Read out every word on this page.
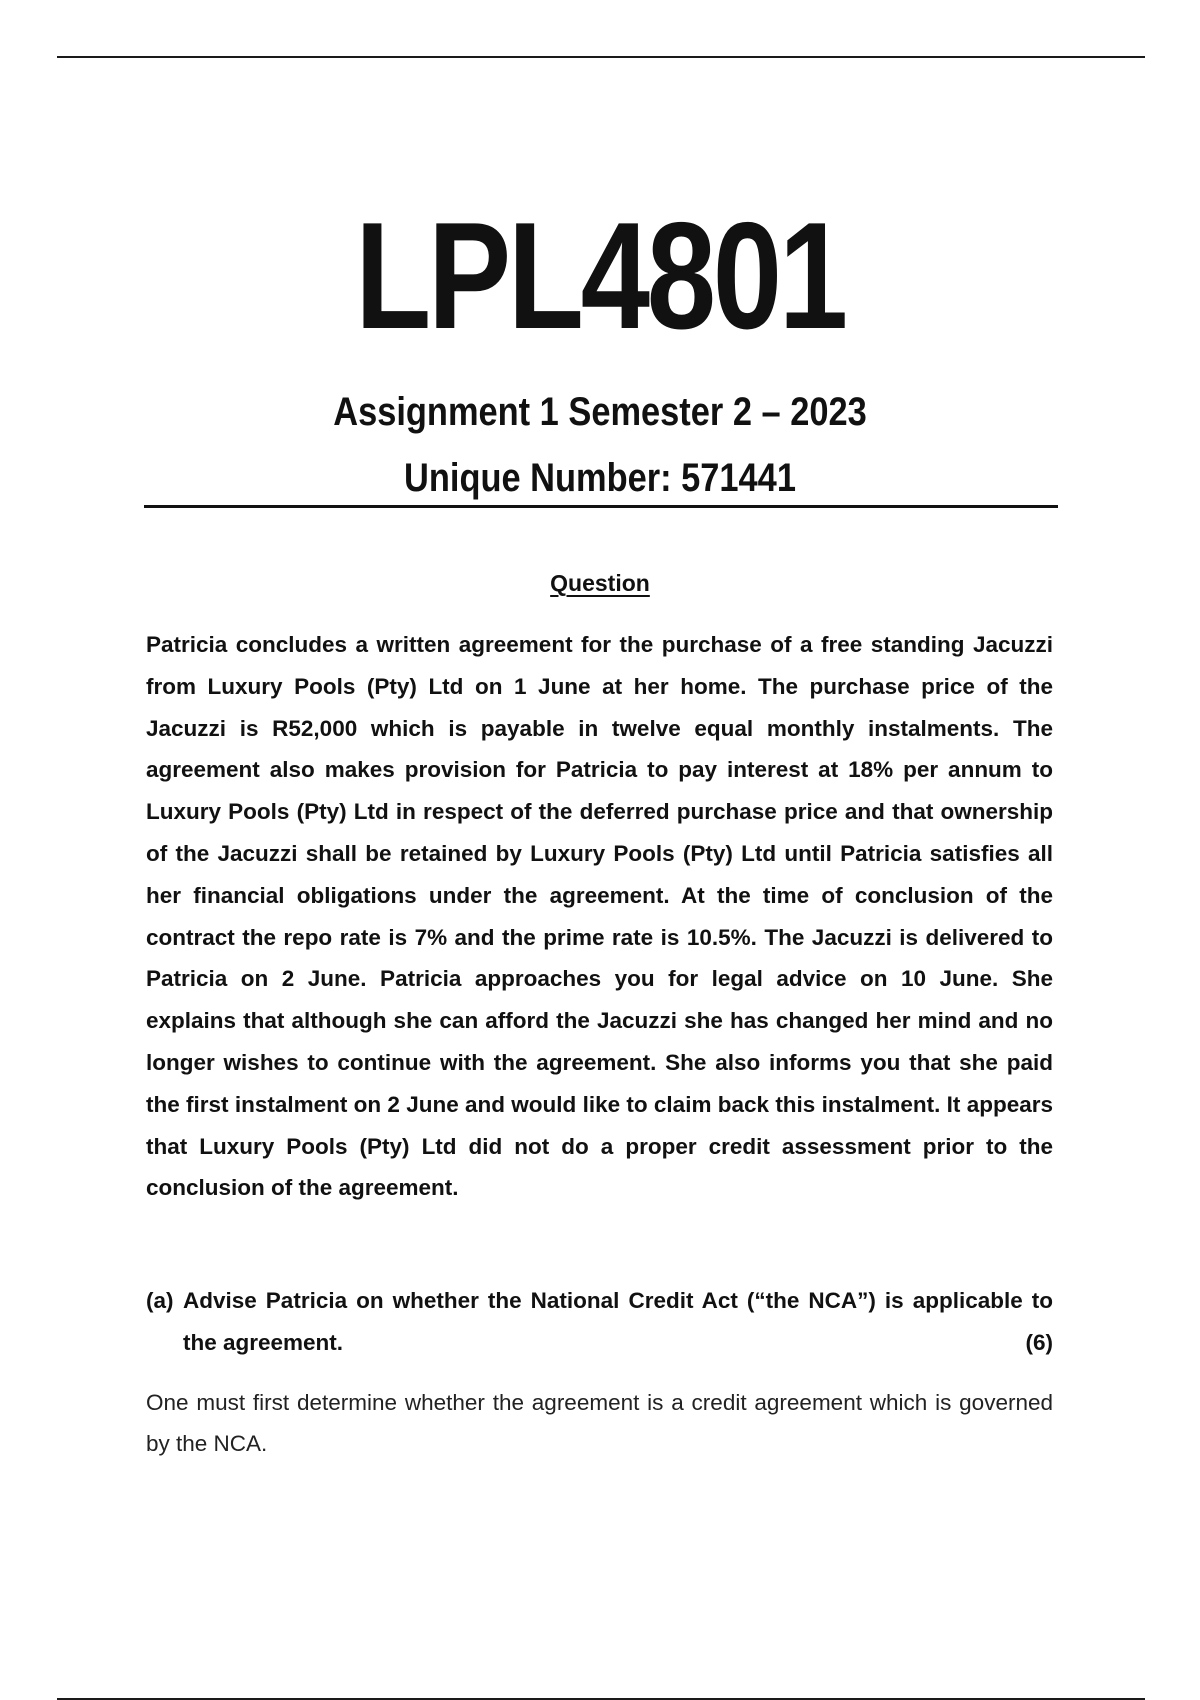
LPL4801
Assignment 1 Semester 2 – 2023
Unique Number: 571441
Question

Patricia concludes a written agreement for the purchase of a free standing Jacuzzi from Luxury Pools (Pty) Ltd on 1 June at her home. The purchase price of the Jacuzzi is R52,000 which is payable in twelve equal monthly instalments. The agreement also makes provision for Patricia to pay interest at 18% per annum to Luxury Pools (Pty) Ltd in respect of the deferred purchase price and that ownership of the Jacuzzi shall be retained by Luxury Pools (Pty) Ltd until Patricia satisfies all her financial obligations under the agreement. At the time of conclusion of the contract the repo rate is 7% and the prime rate is 10.5%. The Jacuzzi is delivered to Patricia on 2 June. Patricia approaches you for legal advice on 10 June. She explains that although she can afford the Jacuzzi she has changed her mind and no longer wishes to continue with the agreement. She also informs you that she paid the first instalment on 2 June and would like to claim back this instalment. It appears that Luxury Pools (Pty) Ltd did not do a proper credit assessment prior to the conclusion of the agreement.

(a) Advise Patricia on whether the National Credit Act (“the NCA”) is applicable to the agreement.	(6)

One must first determine whether the agreement is a credit agreement which is governed by the NCA.
